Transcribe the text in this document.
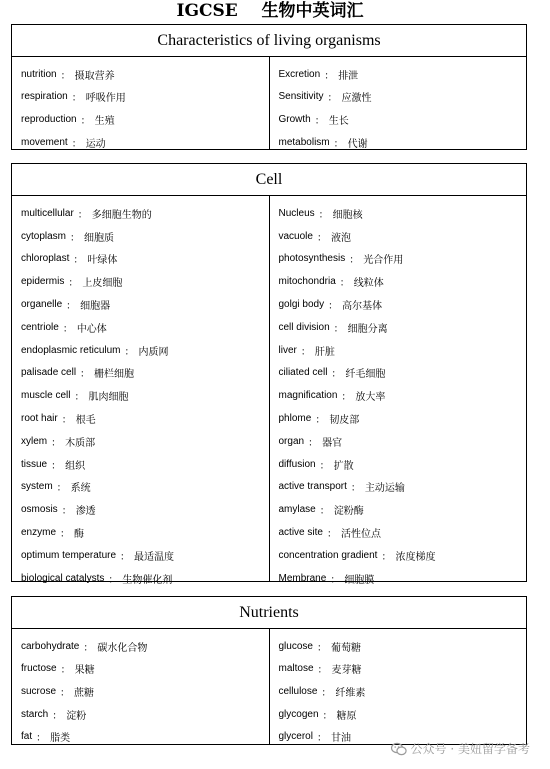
IGCSE    生物中英词汇
Characteristics of living organisms
nutrition ： 摄取营养
respiration ： 呼吸作用
reproduction ： 生殖
movement ： 运动
Excretion ： 排泄
Sensitivity ： 应激性
Growth ： 生长
metabolism ： 代谢
Cell
multicellular ： 多细胞生物的
cytoplasm ： 细胞质
chloroplast ： 叶绿体
epidermis ： 上皮细胞
organelle ： 细胞器
centriole ： 中心体
endoplasmic reticulum ： 内质网
palisade cell ： 栅栏细胞
muscle cell ： 肌肉细胞
root hair ： 根毛
xylem ： 木质部
tissue ： 组织
system ： 系统
osmosis ： 渗透
enzyme ： 酶
optimum temperature ： 最适温度
biological catalysts ： 生物催化剂
Nucleus ： 细胞核
vacuole ： 液泡
photosynthesis ： 光合作用
mitochondria ： 线粒体
golgi body ： 高尔基体
cell division ： 细胞分离
liver ： 肝脏
ciliated cell ： 纤毛细胞
magnification ： 放大率
phlome ： 韧皮部
organ ： 器官
diffusion ： 扩散
active transport ： 主动运输
amylase ： 淀粉酶
active site ： 活性位点
concentration gradient ： 浓度梯度
Membrane ： 细胞膜
Nutrients
carbohydrate ： 碳水化合物
fructose ： 果糖
sucrose ： 蔗糖
starch ： 淀粉
fat ： 脂类
glucose ： 葡萄糖
maltose ： 麦芽糖
cellulose ： 纤维素
glycogen ： 糖原
glycerol ： 甘油
公众号 · 美妞留学备考
